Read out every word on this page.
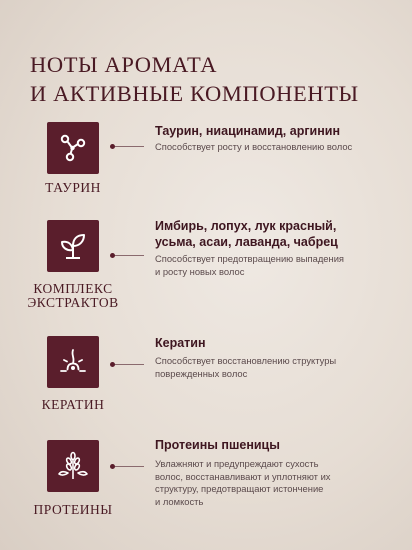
НОТЫ АРОМАТА
И АКТИВНЫЕ КОМПОНЕНТЫ
ТАУРИН
Таурин, ниацинамид, аргинин
Способствует росту и восстановлению волос
КОМПЛЕКС
ЭКСТРАКТОВ
Имбирь, лопух, лук красный,
усьма, асаи, лаванда, чабрец
Способствует предотвращению выпадения
и росту новых волос
КЕРАТИН
Кератин
Способствует восстановлению структуры
поврежденных волос
ПРОТЕИНЫ
Протеины пшеницы
Увлажняют и предупреждают сухость
волос, восстанавливают и уплотняют их
структуру, предотвращают истончение
и ломкость
